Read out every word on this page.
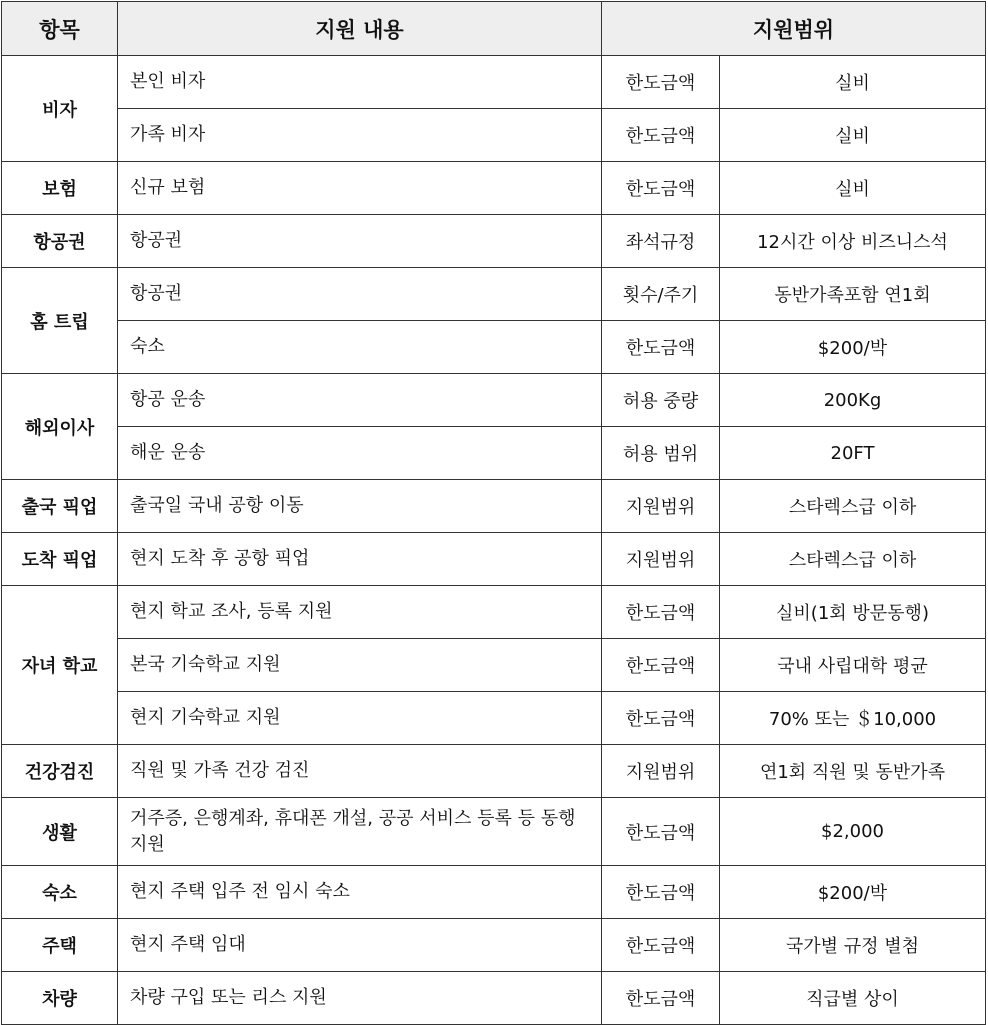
항목	지원 내용	지원범위	
비자	본인 비자	한도금액	실비
	가족 비자	한도금액	실비
보험	신규 보험	한도금액	실비
항공권	항공권	좌석규정	12시간 이상 비즈니스석
홈 트립	항공권	횟수/주기	동반가족포함 연1회
	숙소	한도금액	$200/박
해외이사	항공 운송	허용 중량	200Kg
	해운 운송	허용 범위	20FT
출국 픽업	출국일 국내 공항 이동	지원범위	스타렉스급 이하
도착 픽업	현지 도착 후 공항 픽업	지원범위	스타렉스급 이하
자녀 학교	현지 학교 조사, 등록 지원	한도금액	실비(1회 방문동행)
	본국 기숙학교 지원	한도금액	국내 사립대학 평균
	현지 기숙학교 지원	한도금액	70% 또는 ＄10,000
건강검진	직원 및 가족 건강 검진	지원범위	연1회 직원 및 동반가족
생활	거주증, 은행계좌, 휴대폰 개설, 공공 서비스 등록 등 동행 지원	한도금액	$2,000
숙소	현지 주택 입주 전 임시 숙소	한도금액	$200/박
주택	현지 주택 임대	한도금액	국가별 규정 별첨
차량	차량 구입 또는 리스 지원	한도금액	직급별 상이
